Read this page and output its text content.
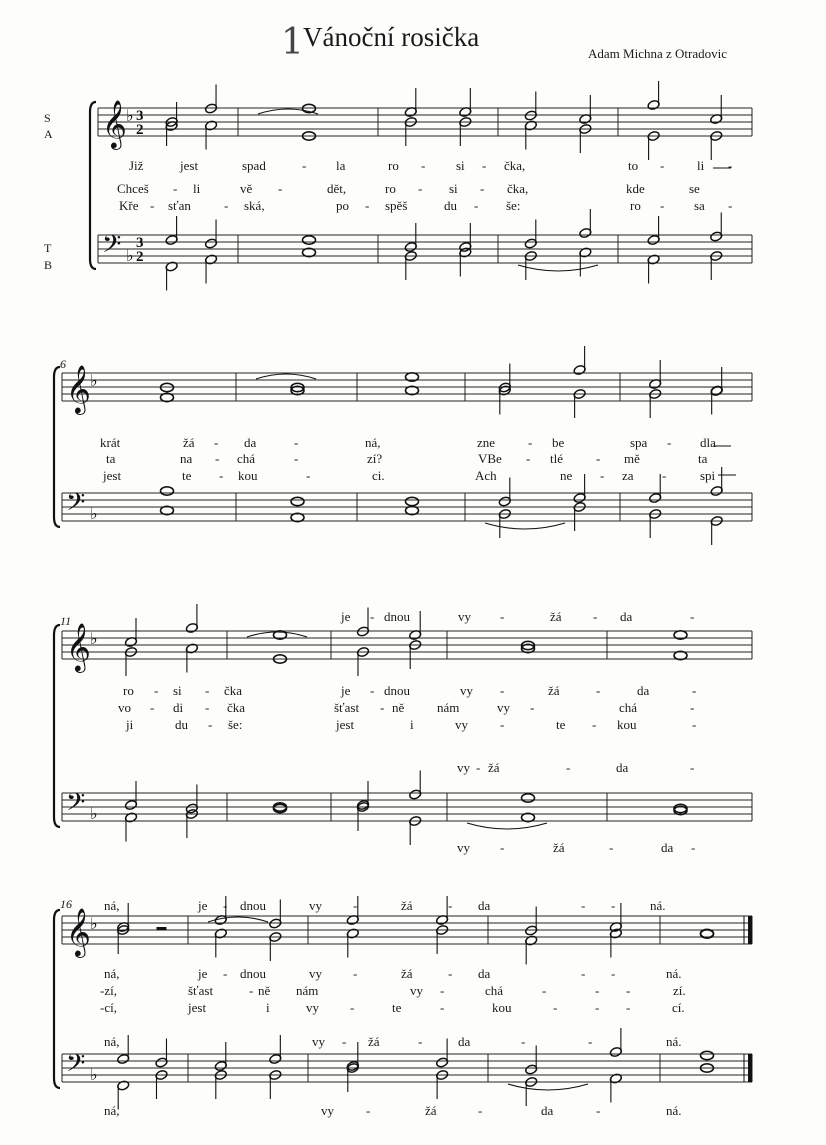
1 Vánoční rosička
Adam Michna z Otradovic
S
A
T
B
6
11
16
𝄞
𝄢
♭
♭
3
3
2
2
𝄞
𝄢
♭
♭
𝄞
𝄢
♭
♭
𝄞
𝄢
♭
♭
Již	jest	spad	- la	ro - si - čka,	to -	li -
Chceš - li	vě -	dět,	ro - si - čka,	kde	se
Kře - sťan	- ská,	po - spěš	du - še:	ro - sa -
krát	žá - da	-	ná,	zne	- be	spa - dla
ta	na - chá	-	zí?	VBe - tlé	- mě	ta
jest	te - kou	-	ci.	Ach	ne - za -	spi
ro - si - čka	je - dnou	vy -	žá	-	da	-
vo - di - čka	šťast - ně	nám	vy -	chá	-
ji	du - še:	jest	i	vy -	te - kou	-
je - dnou	vy -	žá - da	-
vy - žá	-	da	-
vy -	žá	-	da -
ná,	je - dnou	vy -	žá	- da	- -	ná.
-zí,	šťast	- ně nám	vy -	chá	-	- -	zí.
-cí,	jest	i	vy -	te	-	kou	-	- -	cí.
ná,	je - dnou	vy -	žá	- da	- -	ná.
ná,	vy - žá	-	da	-	-	ná.
ná,	vy -	žá	-	da	-	ná.
